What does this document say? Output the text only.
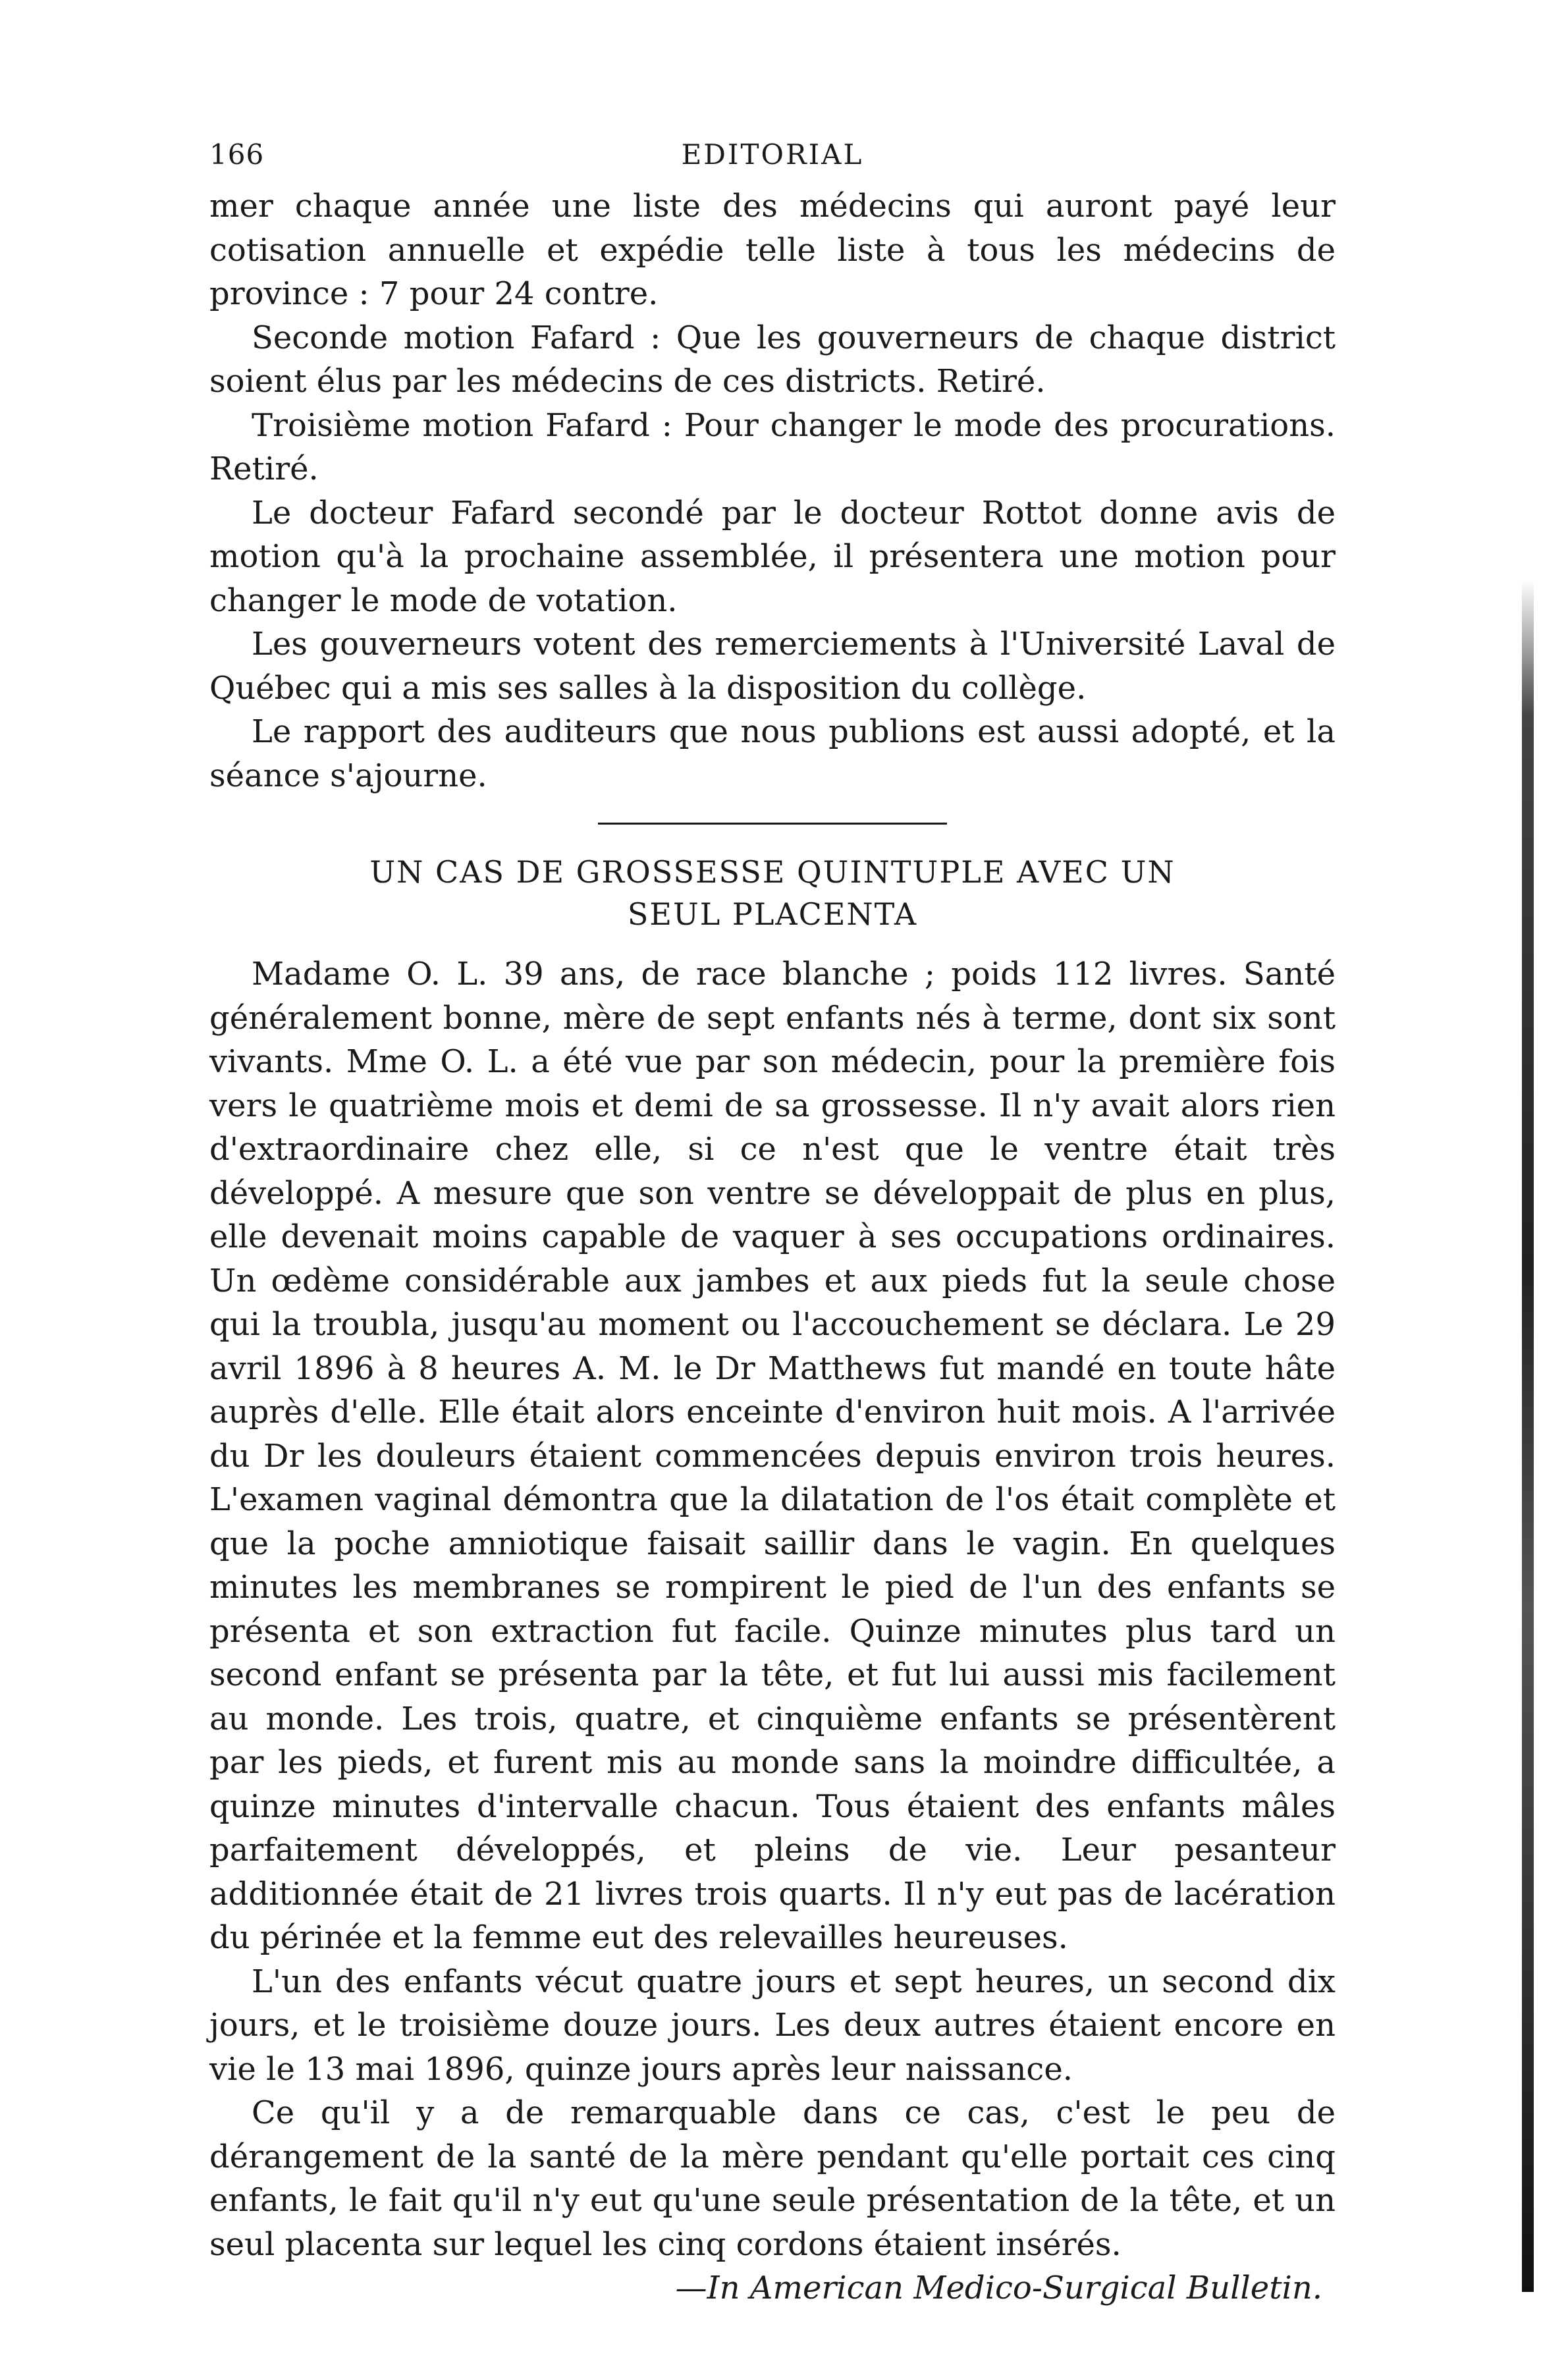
166	EDITORIAL

mer chaque année une liste des médecins qui auront payé leur cotisation annuelle et expédie telle liste à tous les médecins de province : 7 pour 24 contre.

Seconde motion Fafard : Que les gouverneurs de chaque district soient élus par les médecins de ces districts. Retiré.

Troisième motion Fafard : Pour changer le mode des procurations. Retiré.

Le docteur Fafard secondé par le docteur Rottot donne avis de motion qu'à la prochaine assemblée, il présentera une motion pour changer le mode de votation.

Les gouverneurs votent des remerciements à l'Université Laval de Québec qui a mis ses salles à la disposition du collège.

Le rapport des auditeurs que nous publions est aussi adopté, et la séance s'ajourne.

UN CAS DE GROSSESSE QUINTUPLE AVEC UN
SEUL PLACENTA

Madame O. L. 39 ans, de race blanche ; poids 112 livres. Santé généralement bonne, mère de sept enfants nés à terme, dont six sont vivants. Mme O. L. a été vue par son médecin, pour la première fois vers le quatrième mois et demi de sa grossesse. Il n'y avait alors rien d'extraordinaire chez elle, si ce n'est que le ventre était très développé. A mesure que son ventre se développait de plus en plus, elle devenait moins capable de vaquer à ses occupations ordinaires. Un œdème considérable aux jambes et aux pieds fut la seule chose qui la troubla, jusqu'au moment ou l'accouchement se déclara. Le 29 avril 1896 à 8 heures A. M. le Dr Matthews fut mandé en toute hâte auprès d'elle. Elle était alors enceinte d'environ huit mois. A l'arrivée du Dr les douleurs étaient commencées depuis environ trois heures. L'examen vaginal démontra que la dilatation de l'os était complète et que la poche amniotique faisait saillir dans le vagin. En quelques minutes les membranes se rompirent le pied de l'un des enfants se présenta et son extraction fut facile. Quinze minutes plus tard un second enfant se présenta par la tête, et fut lui aussi mis facilement au monde. Les trois, quatre, et cinquième enfants se présentèrent par les pieds, et furent mis au monde sans la moindre difficultée, a quinze minutes d'intervalle chacun. Tous étaient des enfants mâles parfaitement développés, et pleins de vie. Leur pesanteur additionnée était de 21 livres trois quarts. Il n'y eut pas de lacération du périnée et la femme eut des relevailles heureuses.

L'un des enfants vécut quatre jours et sept heures, un second dix jours, et le troisième douze jours. Les deux autres étaient encore en vie le 13 mai 1896, quinze jours après leur naissance.

Ce qu'il y a de remarquable dans ce cas, c'est le peu de dérangement de la santé de la mère pendant qu'elle portait ces cinq enfants, le fait qu'il n'y eut qu'une seule présentation de la tête, et un seul placenta sur lequel les cinq cordons étaient insérés.

—In American Medico-Surgical Bulletin.
